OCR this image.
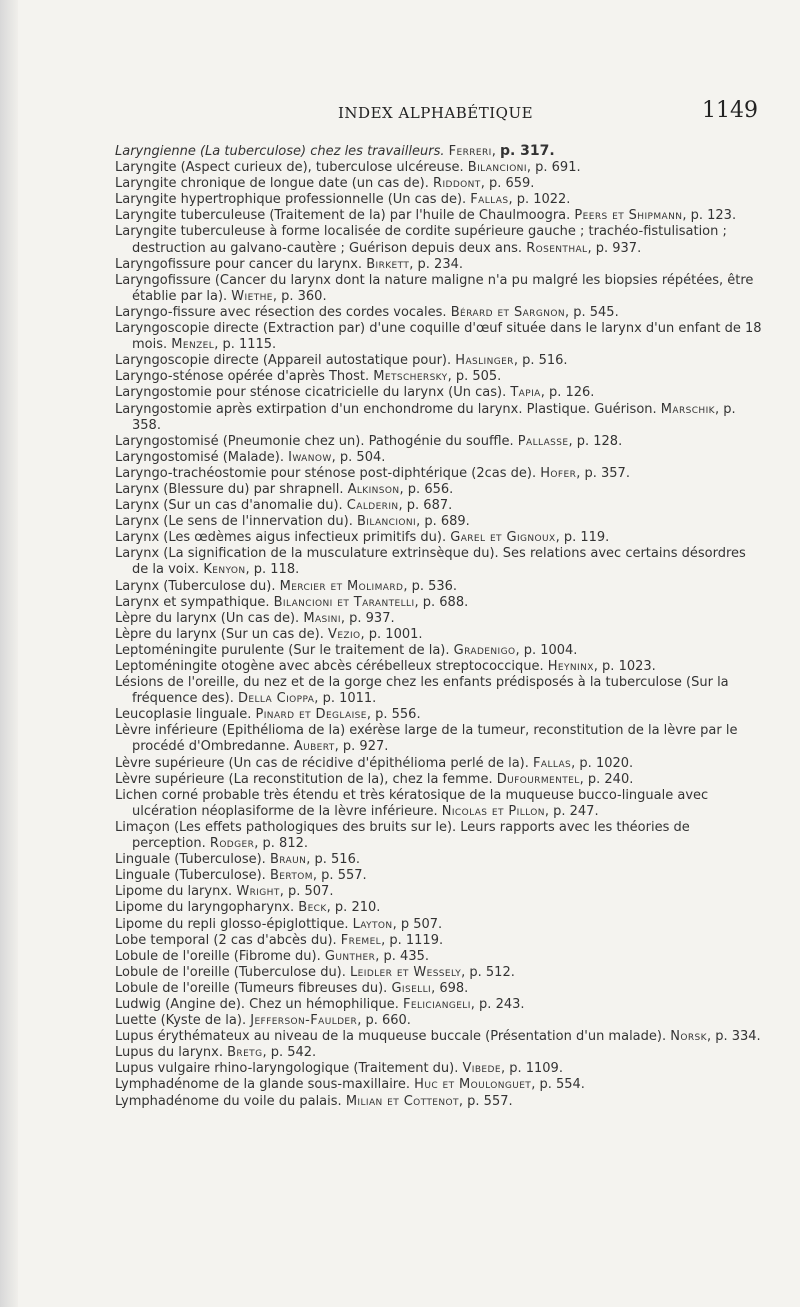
INDEX ALPHABÉTIQUE	1149

Laryngienne (La tuberculose) chez les travailleurs. Ferreri, p. 317.

Laryngite (Aspect curieux de), tuberculose ulcéreuse. Bilancioni, p. 691.

Laryngite chronique de longue date (un cas de). Riddont, p. 659.

Laryngite hypertrophique professionnelle (Un cas de). Fallas, p. 1022.

Laryngite tuberculeuse (Traitement de la) par l'huile de Chaulmoogra. Peers et Shipmann, p. 123.

Laryngite tuberculeuse à forme localisée de cordite supérieure gauche ; trachéo-fistulisation ; destruction au galvano-cautère ; Guérison depuis deux ans. Rosenthal, p. 937.

Laryngofissure pour cancer du larynx. Birkett, p. 234.

Laryngofissure (Cancer du larynx dont la nature maligne n'a pu malgré les biopsies répétées, être établie par la). Wiethe, p. 360.

Laryngo-fissure avec résection des cordes vocales. Bérard et Sargnon, p. 545.

Laryngoscopie directe (Extraction par) d'une coquille d'œuf située dans le larynx d'un enfant de 18 mois. Menzel, p. 1115.

Laryngoscopie directe (Appareil autostatique pour). Haslinger, p. 516.

Laryngo-sténose opérée d'après Thost. Metschersky, p. 505.

Laryngostomie pour sténose cicatricielle du larynx (Un cas). Tapia, p. 126.

Laryngostomie après extirpation d'un enchondrome du larynx. Plastique. Guérison. Marschik, p. 358.

Laryngostomisé (Pneumonie chez un). Pathogénie du souffle. Pallasse, p. 128.

Laryngostomisé (Malade). Iwanow, p. 504.

Laryngo-trachéostomie pour sténose post-diphtérique (2cas de). Hofer, p. 357.

Larynx (Blessure du) par shrapnell. Alkinson, p. 656.

Larynx (Sur un cas d'anomalie du). Calderin, p. 687.

Larynx (Le sens de l'innervation du). Bilancioni, p. 689.

Larynx (Les œdèmes aigus infectieux primitifs du). Garel et Gignoux, p. 119.

Larynx (La signification de la musculature extrinsèque du). Ses relations avec certains désordres de la voix. Kenyon, p. 118.

Larynx (Tuberculose du). Mercier et Molimard, p. 536.

Larynx et sympathique. Bilancioni et Tarantelli, p. 688.

Lèpre du larynx (Un cas de). Masini, p. 937.

Lèpre du larynx (Sur un cas de). Vezio, p. 1001.

Leptoméningite purulente (Sur le traitement de la). Gradenigo, p. 1004.

Leptoméningite otogène avec abcès cérébelleux streptococcique. Heyninx, p. 1023.

Lésions de l'oreille, du nez et de la gorge chez les enfants prédisposés à la tuberculose (Sur la fréquence des). Della Cioppa, p. 1011.

Leucoplasie linguale. Pinard et Deglaise, p. 556.

Lèvre inférieure (Epithélioma de la) exérèse large de la tumeur, reconstitution de la lèvre par le procédé d'Ombredanne. Aubert, p. 927.

Lèvre supérieure (Un cas de récidive d'épithélioma perlé de la). Fallas, p. 1020.

Lèvre supérieure (La reconstitution de la), chez la femme. Dufourmentel, p. 240.

Lichen corné probable très étendu et très kératosique de la muqueuse bucco-linguale avec ulcération néoplasiforme de la lèvre inférieure. Nicolas et Pillon, p. 247.

Limaçon (Les effets pathologiques des bruits sur le). Leurs rapports avec les théories de perception. Rodger, p. 812.

Linguale (Tuberculose). Braun, p. 516.

Linguale (Tuberculose). Bertom, p. 557.

Lipome du larynx. Wright, p. 507.

Lipome du laryngopharynx. Beck, p. 210.

Lipome du repli glosso-épiglottique. Layton, p 507.

Lobe temporal (2 cas d'abcès du). Fremel, p. 1119.

Lobule de l'oreille (Fibrome du). Gunther, p. 435.

Lobule de l'oreille (Tuberculose du). Leidler et Wessely, p. 512.

Lobule de l'oreille (Tumeurs fibreuses du). Giselli, 698.

Ludwig (Angine de). Chez un hémophilique. Feliciangeli, p. 243.

Luette (Kyste de la). Jefferson-Faulder, p. 660.

Lupus érythémateux au niveau de la muqueuse buccale (Présentation d'un malade). Norsk, p. 334.

Lupus du larynx. Bretg, p. 542.

Lupus vulgaire rhino-laryngologique (Traitement du). Vibede, p. 1109.

Lymphadénome de la glande sous-maxillaire. Huc et Moulonguet, p. 554.

Lymphadénome du voile du palais. Milian et Cottenot, p. 557.
